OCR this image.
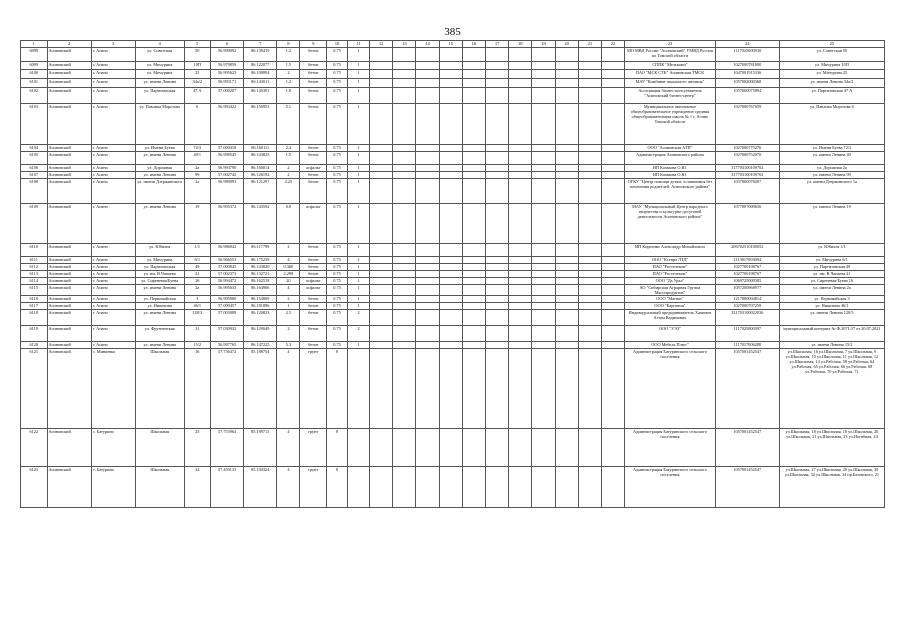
385
1	2	3	4	5	6	7	8	9	10	11	12	13	14	15	16	17	18	19	20	21	22	23	24	25
6099	Асиновский	г. Асино	ул. Советская	50	56.999092	86.139419	1.2	бетон	0.75	1												МО МВД России "Асиновский" УМВД России по Томской области	1117025000930	ул. Советская 50
6099	Асиновский	г. Асино	ул. Мичурина	10П	56.979859	86.122077	1.5	бетон	0.75	1												СППК "Мелькомп"	1027000781890	ул. Мичурина 10П
6100	Асиновский	г. Асино	ул. Мичурина	25	56.995625	86.100894	2	бетон	0.75	1												ПАО "МСК СТК" Асиновская ТМСК	1047001915336	ул. Мичурина 25
6101	Асиновский	г. Асино	ул. имени Ленина	34а/2	56.993171	86.143011	1.2	бетон	0.75	1												МАУ "Комбинат школьного питания"	1057002000368	ул. имени Ленина 34а/2
6102	Асиновский	г. Асино	ул. Партизанская	47 А	57.000207	86.145391	1.8	бетон	0.75	1												Ассоциация бизнес-консультантов "Асиновский бизнес-центр"	1057000075894	ул. Партизанская 47 А
6103	Асиновский	г. Асино	ул. Павлика Морозова	6	56.983422	86.150953	5.1	бетон	0.75	1												Муниципальное автономное общеобразовательное учреждение средняя общеобразовательная школа № 1 г. Асино Томской области	1027000767659	ул. Павлика Морозова 6
6104	Асиновский	г. Асино	ул. Имени Буева	72/3	57.000418	86.160111	2.4	бетон	0.75	1												ООО "Асиновская АТП"	1027000775276	ул. Имени Буева 72/3
6105	Асиновский	г. Асино	ул. имени Ленина	40/1	56.998545	86.143825	1.5	бетон	0.75	1												Администрация Асиновского района	1027000752070	ул. имени Ленина 40
6106	Асиновский	г. Асино	ул. Дорожная	2а	56.993790	86.160014	2	асфальт	0.75	1												ИП Казакова О.Ю.	317703100109702	ул. Дорожная 2а
6107	Асиновский	г. Асино	ул. имени Ленина	99	57.002742	86.126192	2	бетон	0.75	1												ИП Казакова О.Ю.	317703100109702	ул. имени Ленина 99
6108	Асиновский	г. Асино	ул. имени Дзержинского	2а	56.989093	86.121297	2.25	бетон	0.75	1												ОГКУ "Центр помощи детям, оставшимся без попечения родителей, Асиновского района"	1037000078207	ул. имени Дзержинского 1а
6109	Асиновский	г. Асино	ул. имени Ленина	19	56.995372	86.143592	0.8	асфальт	0.75	1												МАУ "Муниципальный Центр народного творчества и культурно-досуговой деятельности Асиновского района"	1077007000636	ул. имени Ленина 19
6110	Асиновский	г. Асино	ул. Юбилея	1/1	56.986942	86.117799	2	бетон	0.75	1												ИП Киреенко Александр Михайлович	206702510100052	ул. Юбилея 1/1
6111	Асиновский	г. Асино	ул. Мичурина	6/1	56.966553	86.175239	4	бетон	0.75	1												ООО "Ксенра ЛТД"	1113017003094	ул. Мичурина 6/1
6112	Асиновский	г. Асино	ул. Партизанская	49	57.000845	86.143820	0.360	бетон	0.75	1												ПАО "Ростелеком"	1027700198767	ул. Партизанская 49
6113	Асиновский	г. Асино	ул. им. В.Чапаева	21	57.002373	86.132721	2.298	бетон	0.75	1												ПАО "Ростелеком"	1027700198767	ул. им. В.Чапаева 21
6114	Асиновский	г. Асино	ул. Сиреневая/Буева	16	56.994472	86.162518	20	асфальт	0.75	1												ООО "Да Урал"	1069725000385	ул. Сиреневая/Буева 16
6115	Асиновский	г. Асино	ул. имени Ленина	2а	56.995633	86.164906	4	асфальт	0.75	1												АО "Сибирская Аграрная Группа Мясопродуктов"	1057200968977	ул. имени Ленина 2а
6116	Асиновский	г. Асино	ул. Первомайская	3	56.995980	86.154009	2	бетон	0.75	1												ООО "Магнат"	1217000004814	ул. Первомайская 3
6117	Асиновский	г. Асино	ул. Никитина	46/1	57.009457	86.181896	1	бетон	0.75	1												ООО "Карпатия"	1027000707259	ул. Никитина 46/1
6118	Асиновский	г. Асино	ул. имени Ленина	128/3	57.003089	86.120823	2.5	бетон	0.75	2												Индивидуальный предприниматель Хакимов Агзам Вадимович	321703100022036	ул. имени Ленина 128/3
6119	Асиновский	г. Асино	ул. Фрунзенская	31	57.030932	86.129049	2	бетон	0.75	2												ООО "УЭЗ"	1117025000397	муниципальный контракт № Ф.2071.37 от 20.07.2021
6120	Асиновский	г. Асино	ул. имени Ленина	15/2	56.997765	86.147225	5.3	бетон	0.75	1												ООО Мебель Плюс"	1117017006288	ул. имени Ленина 15/2
6121	Асиновский	с. Минаевка	Школьная	16	57.736472	85.188754	4	грунт	8													Администрация Батуринского сельского поселения	1057001452547	ул.Школьная, 16 ул.Школьная, 7 ул.Школьная, 9 ул.Школьная, 10 ул.Школьная, 11 ул.Школьная, 12 ул.Школьная, 14 ул.Рабочая, 58 ул.Рабочая, 64 ул.Рабочая, 65 ул.Рабочая, 66 ул.Рабочая, 68 ул.Рабочая, 70 ул.Рабочая, 71
6122	Асиновский	с. Батурино	Школьная	25	57.753964	85.189713	4	грунт	8													Администрация Батуринского сельского поселения	1057001452547	ул.Школьная, 18 ул.Школьная, 18 ул.Школьная, 20 ул.Школьная, 21 ул.Школьная, 23 ул.Нагибная, 24
6123	Асиновский	с. Батурино	Школьная	32	57.450133	85.194324	4	грунт	8													Администрация Батуринского сельского поселения	1057001452547	ул.Школьная, 27 ул.Школьная, 29 ул.Школьная, 30 ул.Школьная, 32 ул.Школьная, 34 пр.Батевского, 21
